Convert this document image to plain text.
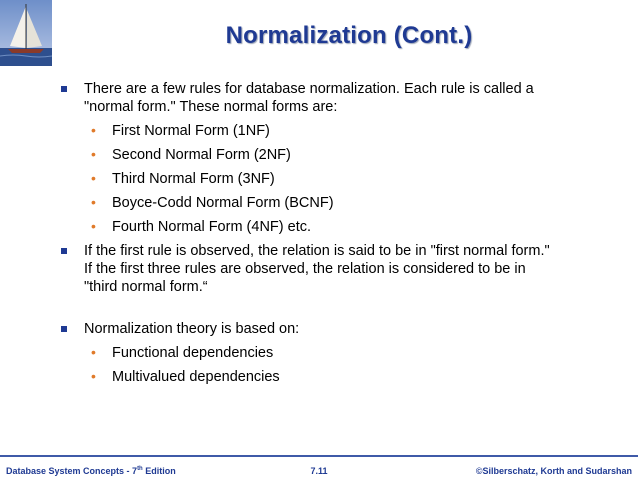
Normalization (Cont.)
There are a few rules for database normalization. Each rule is called a
"normal form." These normal forms are:
• First Normal Form (1NF)
• Second Normal Form (2NF)
• Third Normal Form (3NF)
• Boyce-Codd Normal Form (BCNF)
• Fourth Normal Form (4NF) etc.
If the first rule is observed, the relation is said to be in "first normal form."
If the first three rules are observed, the relation is considered to be in
"third normal form.“
Normalization theory is based on:
• Functional dependencies
• Multivalued dependencies
Database System Concepts - 7th Edition	7.11	©Silberschatz, Korth and Sudarshan
